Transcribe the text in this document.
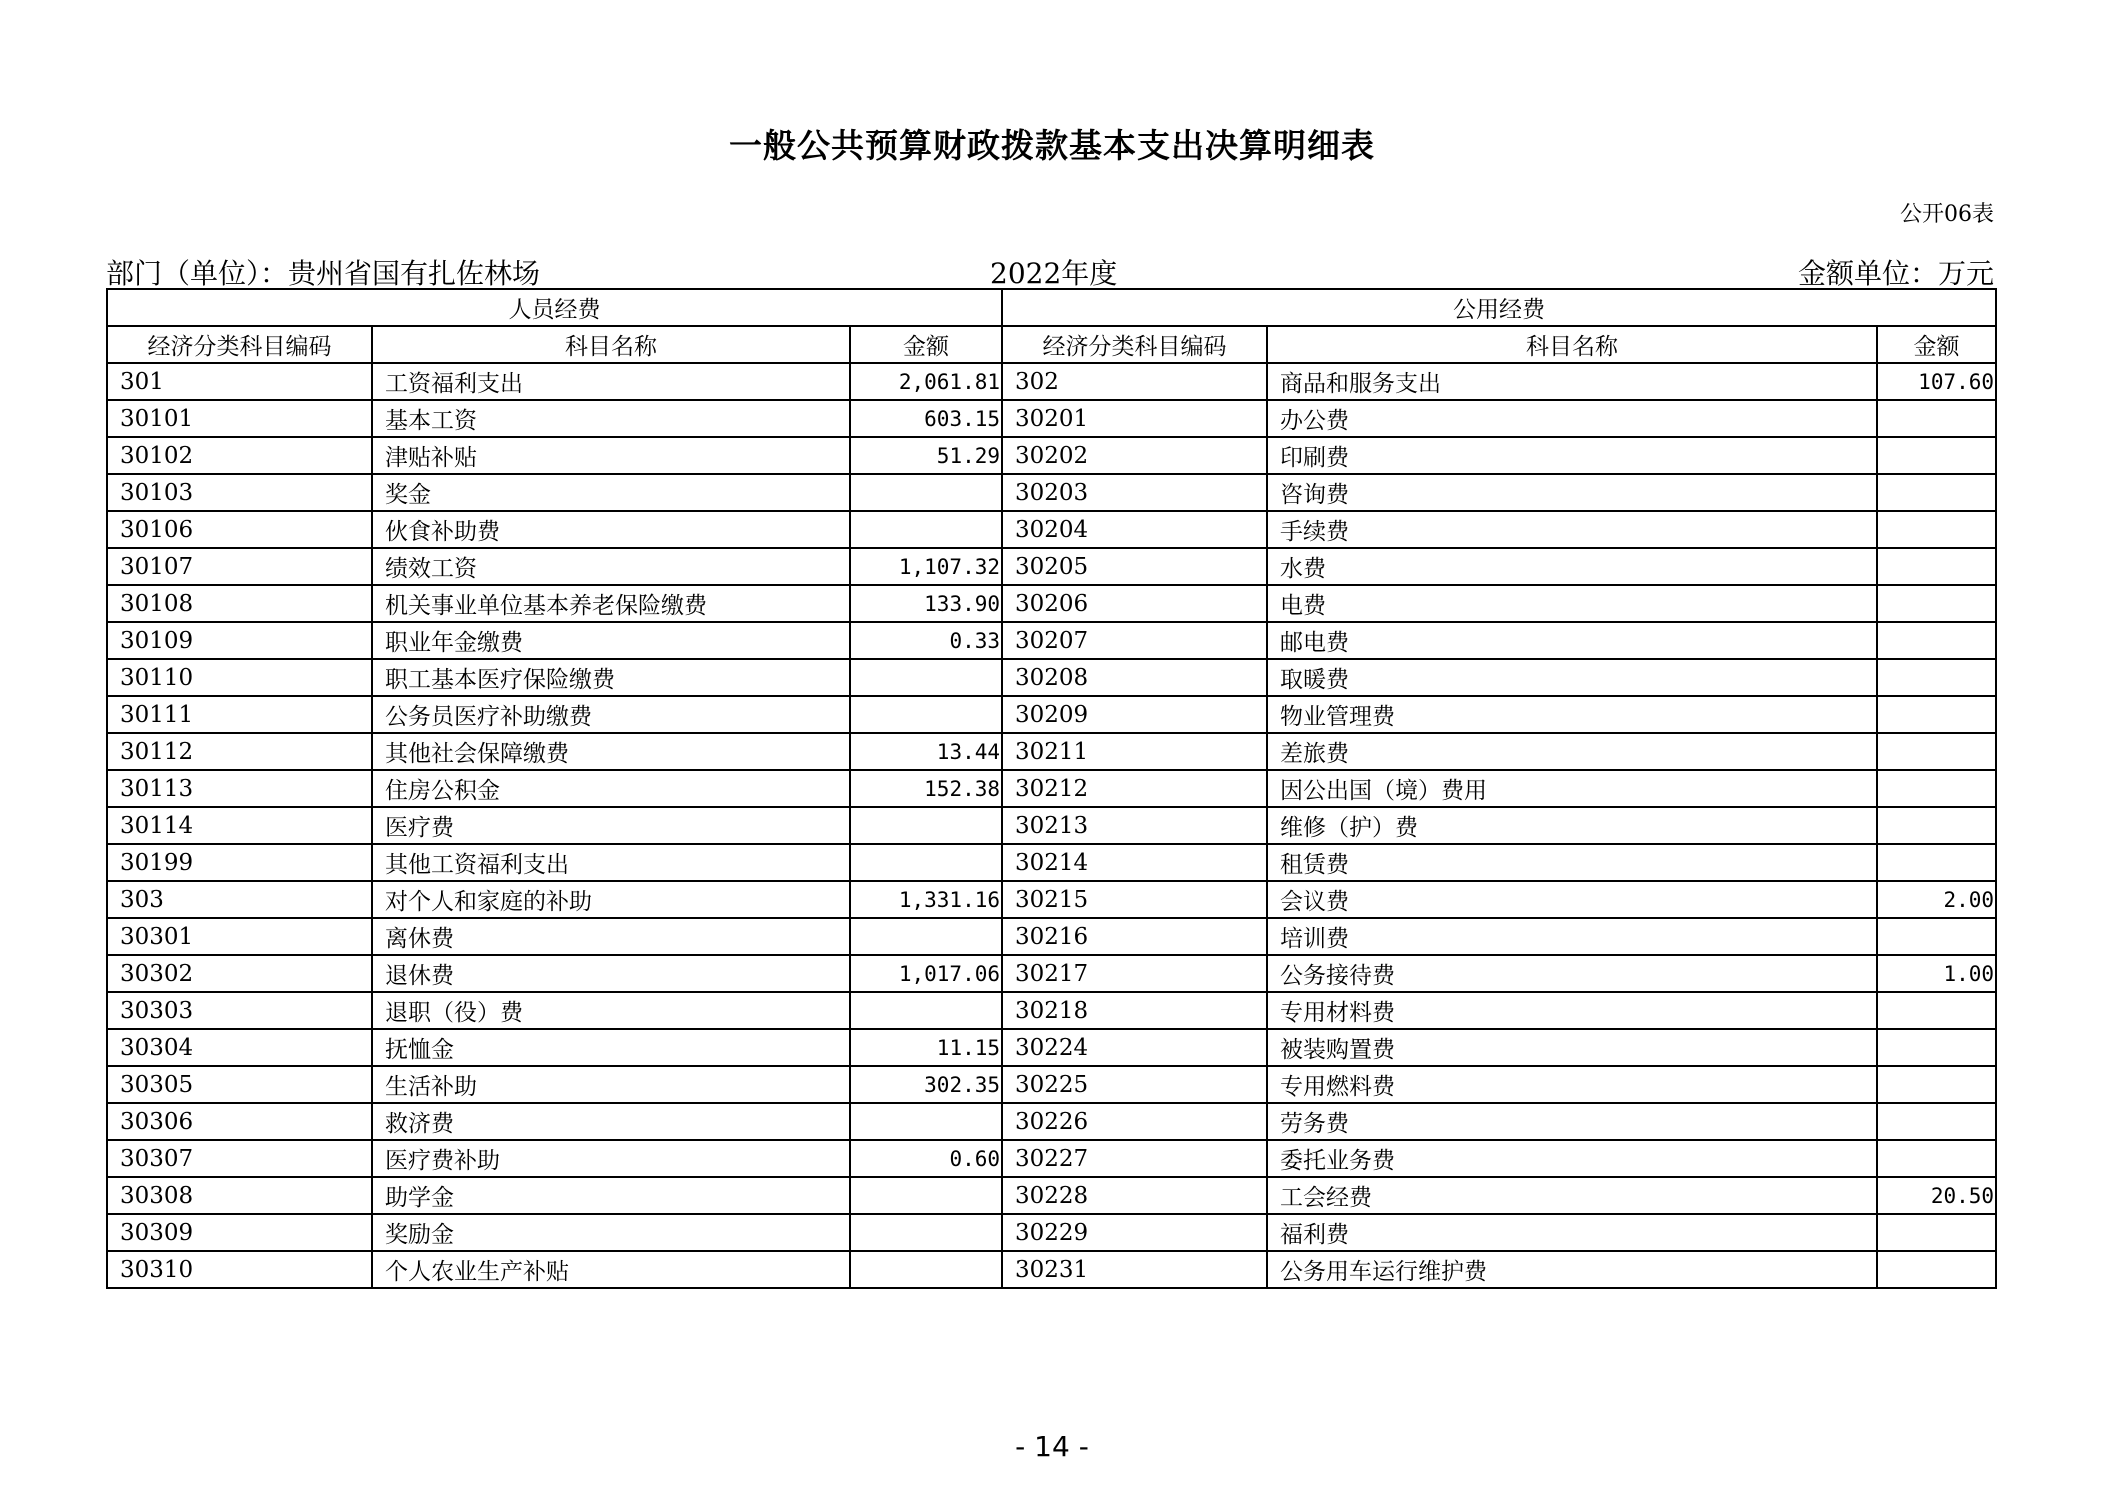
一般公共预算财政拨款基本支出决算明细表
公开06表
部门（单位）：贵州省国有扎佐林场	2022年度	金额单位：万元
人员经费			公用经费		
经济分类科目编码	科目名称	金额	经济分类科目编码	科目名称	金额
301	工资福利支出	2,061.81	302	商品和服务支出	107.60
30101	基本工资	603.15	30201	办公费	
30102	津贴补贴	51.29	30202	印刷费	
30103	奖金		30203	咨询费	
30106	伙食补助费		30204	手续费	
30107	绩效工资	1,107.32	30205	水费	
30108	机关事业单位基本养老保险缴费	133.90	30206	电费	
30109	职业年金缴费	0.33	30207	邮电费	
30110	职工基本医疗保险缴费		30208	取暖费	
30111	公务员医疗补助缴费		30209	物业管理费	
30112	其他社会保障缴费	13.44	30211	差旅费	
30113	住房公积金	152.38	30212	因公出国（境）费用	
30114	医疗费		30213	维修（护）费	
30199	其他工资福利支出		30214	租赁费	
303	对个人和家庭的补助	1,331.16	30215	会议费	2.00
30301	离休费		30216	培训费	
30302	退休费	1,017.06	30217	公务接待费	1.00
30303	退职（役）费		30218	专用材料费	
30304	抚恤金	11.15	30224	被装购置费	
30305	生活补助	302.35	30225	专用燃料费	
30306	救济费		30226	劳务费	
30307	医疗费补助	0.60	30227	委托业务费	
30308	助学金		30228	工会经费	20.50
30309	奖励金		30229	福利费	
30310	个人农业生产补贴		30231	公务用车运行维护费	
- 14 -
